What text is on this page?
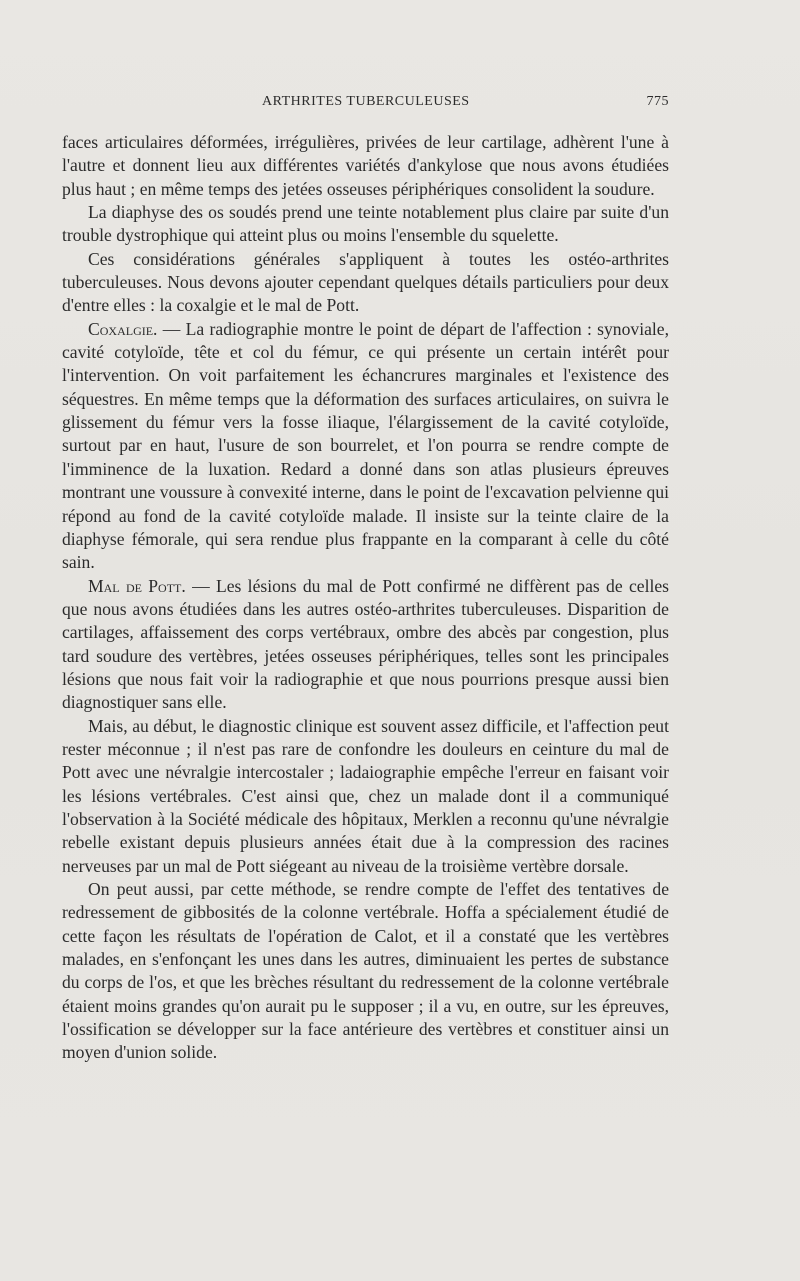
ARTHRITES TUBERCULEUSES	775

faces articulaires déformées, irrégulières, privées de leur cartilage, adhèrent l'une à l'autre et donnent lieu aux différentes variétés d'ankylose que nous avons étudiées plus haut ; en même temps des jetées osseuses périphériques consolident la soudure.

La diaphyse des os soudés prend une teinte notablement plus claire par suite d'un trouble dystrophique qui atteint plus ou moins l'ensemble du squelette.

Ces considérations générales s'appliquent à toutes les ostéo-arthrites tuberculeuses. Nous devons ajouter cependant quelques détails particuliers pour deux d'entre elles : la coxalgie et le mal de Pott.

Coxalgie. — La radiographie montre le point de départ de l'affection : synoviale, cavité cotyloïde, tête et col du fémur, ce qui présente un certain intérêt pour l'intervention. On voit parfaitement les échancrures marginales et l'existence des séquestres. En même temps que la déformation des surfaces articulaires, on suivra le glissement du fémur vers la fosse iliaque, l'élargissement de la cavité cotyloïde, surtout par en haut, l'usure de son bourrelet, et l'on pourra se rendre compte de l'imminence de la luxation. Redard a donné dans son atlas plusieurs épreuves montrant une voussure à convexité interne, dans le point de l'excavation pelvienne qui répond au fond de la cavité cotyloïde malade. Il insiste sur la teinte claire de la diaphyse fémorale, qui sera rendue plus frappante en la comparant à celle du côté sain.

Mal de Pott. — Les lésions du mal de Pott confirmé ne diffèrent pas de celles que nous avons étudiées dans les autres ostéo-arthrites tuberculeuses. Disparition de cartilages, affaissement des corps vertébraux, ombre des abcès par congestion, plus tard soudure des vertèbres, jetées osseuses périphériques, telles sont les principales lésions que nous fait voir la radiographie et que nous pourrions presque aussi bien diagnostiquer sans elle.

Mais, au début, le diagnostic clinique est souvent assez difficile, et l'affection peut rester méconnue ; il n'est pas rare de confondre les douleurs en ceinture du mal de Pott avec une névralgie intercostaler ; ladaiographie empêche l'erreur en faisant voir les lésions vertébrales. C'est ainsi que, chez un malade dont il a communiqué l'observation à la Société médicale des hôpitaux, Merklen a reconnu qu'une névralgie rebelle existant depuis plusieurs années était due à la compression des racines nerveuses par un mal de Pott siégeant au niveau de la troisième vertèbre dorsale.

On peut aussi, par cette méthode, se rendre compte de l'effet des tentatives de redressement de gibbosités de la colonne vertébrale. Hoffa a spécialement étudié de cette façon les résultats de l'opération de Calot, et il a constaté que les vertèbres malades, en s'enfonçant les unes dans les autres, diminuaient les pertes de substance du corps de l'os, et que les brèches résultant du redressement de la colonne vertébrale étaient moins grandes qu'on aurait pu le supposer ; il a vu, en outre, sur les épreuves, l'ossification se développer sur la face antérieure des vertèbres et constituer ainsi un moyen d'union solide.
